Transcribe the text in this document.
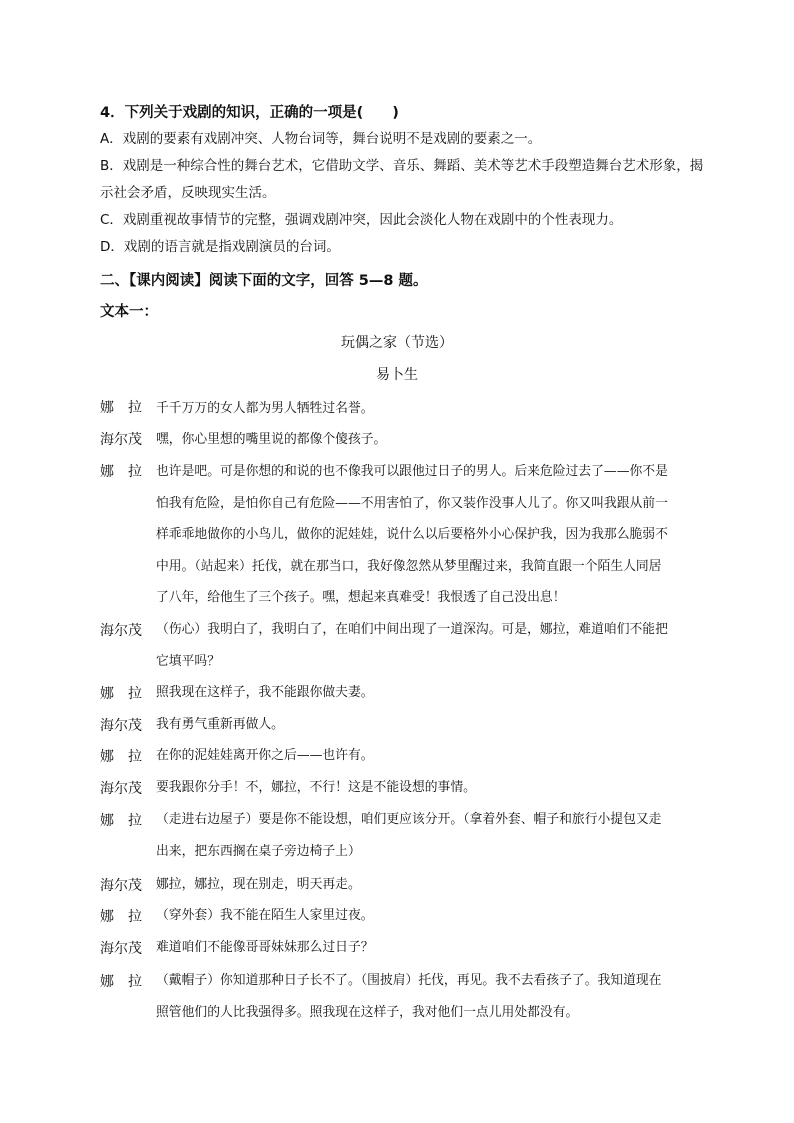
4．下列关于戏剧的知识，正确的一项是(　　)
A．戏剧的要素有戏剧冲突、人物台词等，舞台说明不是戏剧的要素之一。
B．戏剧是一种综合性的舞台艺术，它借助文学、音乐、舞蹈、美术等艺术手段塑造舞台艺术形象，揭
示社会矛盾，反映现实生活。
C．戏剧重视故事情节的完整，强调戏剧冲突，因此会淡化人物在戏剧中的个性表现力。
D．戏剧的语言就是指戏剧演员的台词。
二、【课内阅读】阅读下面的文字，回答 5—8 题。
文本一：
玩偶之家（节选）
易卜生
娜拉 千千万万的女人都为男人牺牲过名誉。
海尔茂	嘿，你心里想的嘴里说的都像个傻孩子。
娜拉 也许是吧。可是你想的和说的也不像我可以跟他过日子的男人。后来危险过去了——你不是
怕我有危险，是怕你自己有危险——不用害怕了，你又装作没事人儿了。你又叫我跟从前一
样乖乖地做你的小鸟儿，做你的泥娃娃，说什么以后要格外小心保护我，因为我那么脆弱不
中用。（站起来）托伐，就在那当口，我好像忽然从梦里醒过来，我简直跟一个陌生人同居
了八年，给他生了三个孩子。嘿，想起来真难受！我恨透了自己没出息！
海尔茂	（伤心）我明白了，我明白了，在咱们中间出现了一道深沟。可是，娜拉，难道咱们不能把
它填平吗？
娜拉 照我现在这样子，我不能跟你做夫妻。
海尔茂	我有勇气重新再做人。
娜拉 在你的泥娃娃离开你之后——也许有。
海尔茂	要我跟你分手！不，娜拉，不行！这是不能设想的事情。
娜拉 （走进右边屋子）要是你不能设想，咱们更应该分开。（拿着外套、帽子和旅行小提包又走
出来，把东西搁在桌子旁边椅子上）
海尔茂	娜拉，娜拉，现在别走，明天再走。
娜拉 （穿外套）我不能在陌生人家里过夜。
海尔茂	难道咱们不能像哥哥妹妹那么过日子？
娜拉 （戴帽子）你知道那种日子长不了。（围披肩）托伐，再见。我不去看孩子了。我知道现在
照管他们的人比我强得多。照我现在这样子，我对他们一点儿用处都没有。
